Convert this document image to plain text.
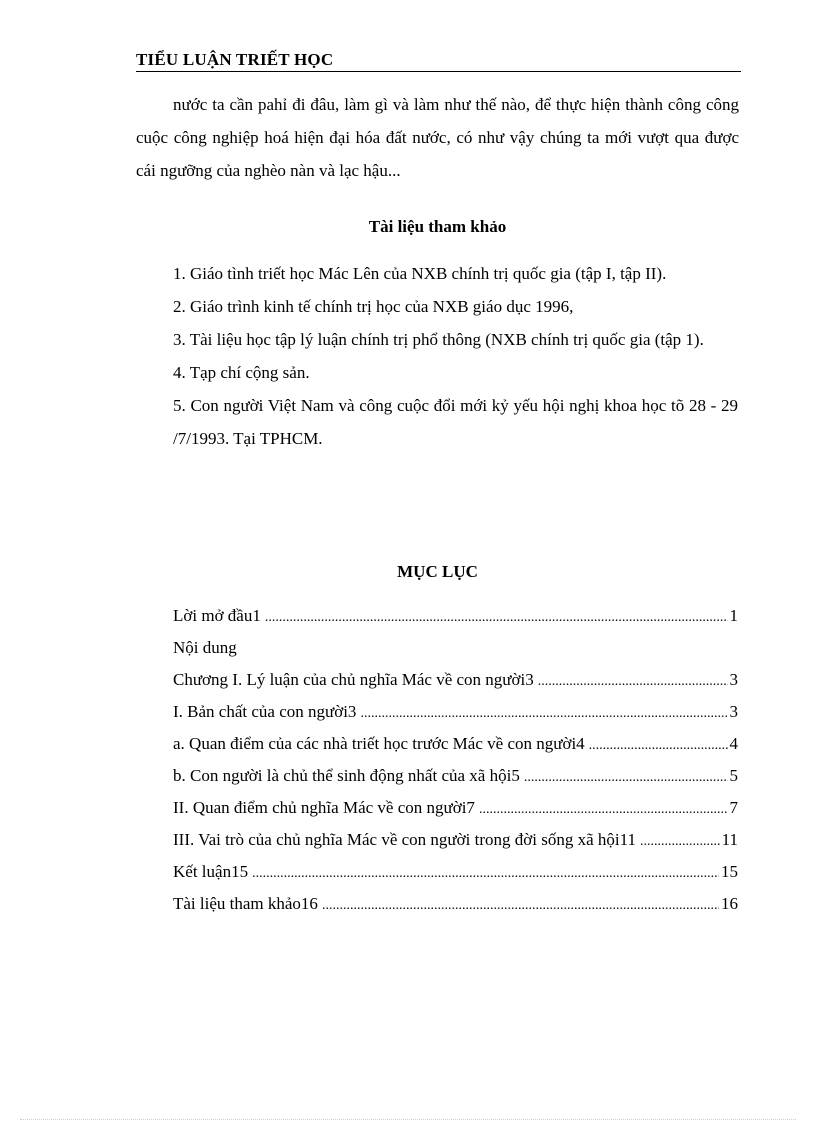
TIỂU LUẬN TRIẾT HỌC

nước ta cần pahỉ đi đâu, làm gì và làm như thế nào, để thực hiện thành công công cuộc công nghiệp hoá hiện đại hóa đất nước, có như vậy chúng ta mới vượt qua được cái ngưỡng của nghèo nàn và lạc hậu...

Tài liệu tham khảo

1. Giáo tình triết học Mác Lên của NXB chính trị quốc gia (tập I, tập II).

2. Giáo trình kinh tế chính trị học của NXB giáo dục 1996,

3. Tài liệu học tập lý luận chính trị phổ thông (NXB chính trị quốc gia (tập 1).

4. Tạp chí cộng sản.

5. Con người Việt Nam và công cuộc đổi mới kỷ yếu hội nghị khoa học tõ 28 - 29 /7/1993. Tại TPHCM.

MỤC LỤC
Lời mở đầu1 .....	1
Nội dung
Chương I. Lý luận của chủ nghĩa Mác về con người3 .....	3
I. Bản chất của con người3 .....	3
a. Quan điểm của các nhà triết học trước Mác về con người4 .....	4
b. Con người là chủ thể sinh động nhất của xã hội5 .....	5
II. Quan điểm chủ nghĩa Mác về con người7 .....	7
III. Vai trò của chủ nghĩa Mác về con người trong đời sống xã hội11 .....	11
Kết luận15 .....	15
Tài liệu tham khảo16 .....	16
